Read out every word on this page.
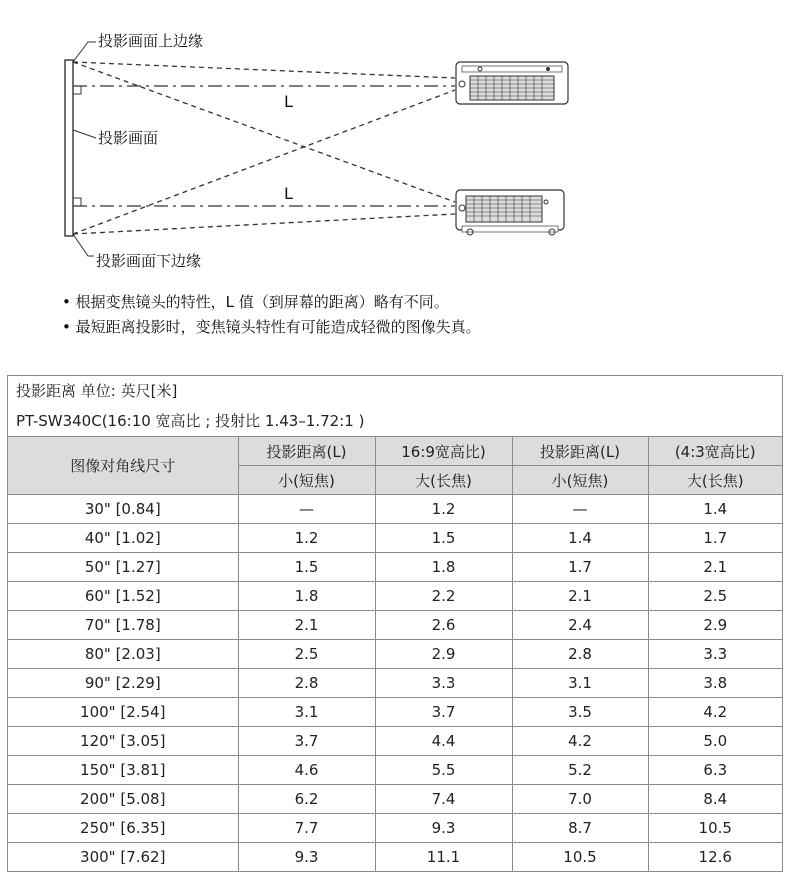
投影画面上边缘
投影画面
投影画面下边缘
L
L
• 根据变焦镜头的特性，L 值（到屏幕的距离）略有不同。
• 最短距离投影时，变焦镜头特性有可能造成轻微的图像失真。
投影距离 单位: 英尺[米]
PT-SW340C(16:10 宽高比 ; 投射比 1.43–1.72:1 )
图像对角线尺寸	投影距离(L)	16:9宽高比)	投影距离(L)	(4:3宽高比)
	小(短焦)	大(长焦)	小(短焦)	大(长焦)
30" [0.84]	—	1.2	—	1.4
40" [1.02]	1.2	1.5	1.4	1.7
50" [1.27]	1.5	1.8	1.7	2.1
60" [1.52]	1.8	2.2	2.1	2.5
70" [1.78]	2.1	2.6	2.4	2.9
80" [2.03]	2.5	2.9	2.8	3.3
90" [2.29]	2.8	3.3	3.1	3.8
100" [2.54]	3.1	3.7	3.5	4.2
120" [3.05]	3.7	4.4	4.2	5.0
150" [3.81]	4.6	5.5	5.2	6.3
200" [5.08]	6.2	7.4	7.0	8.4
250" [6.35]	7.7	9.3	8.7	10.5
300" [7.62]	9.3	11.1	10.5	12.6
